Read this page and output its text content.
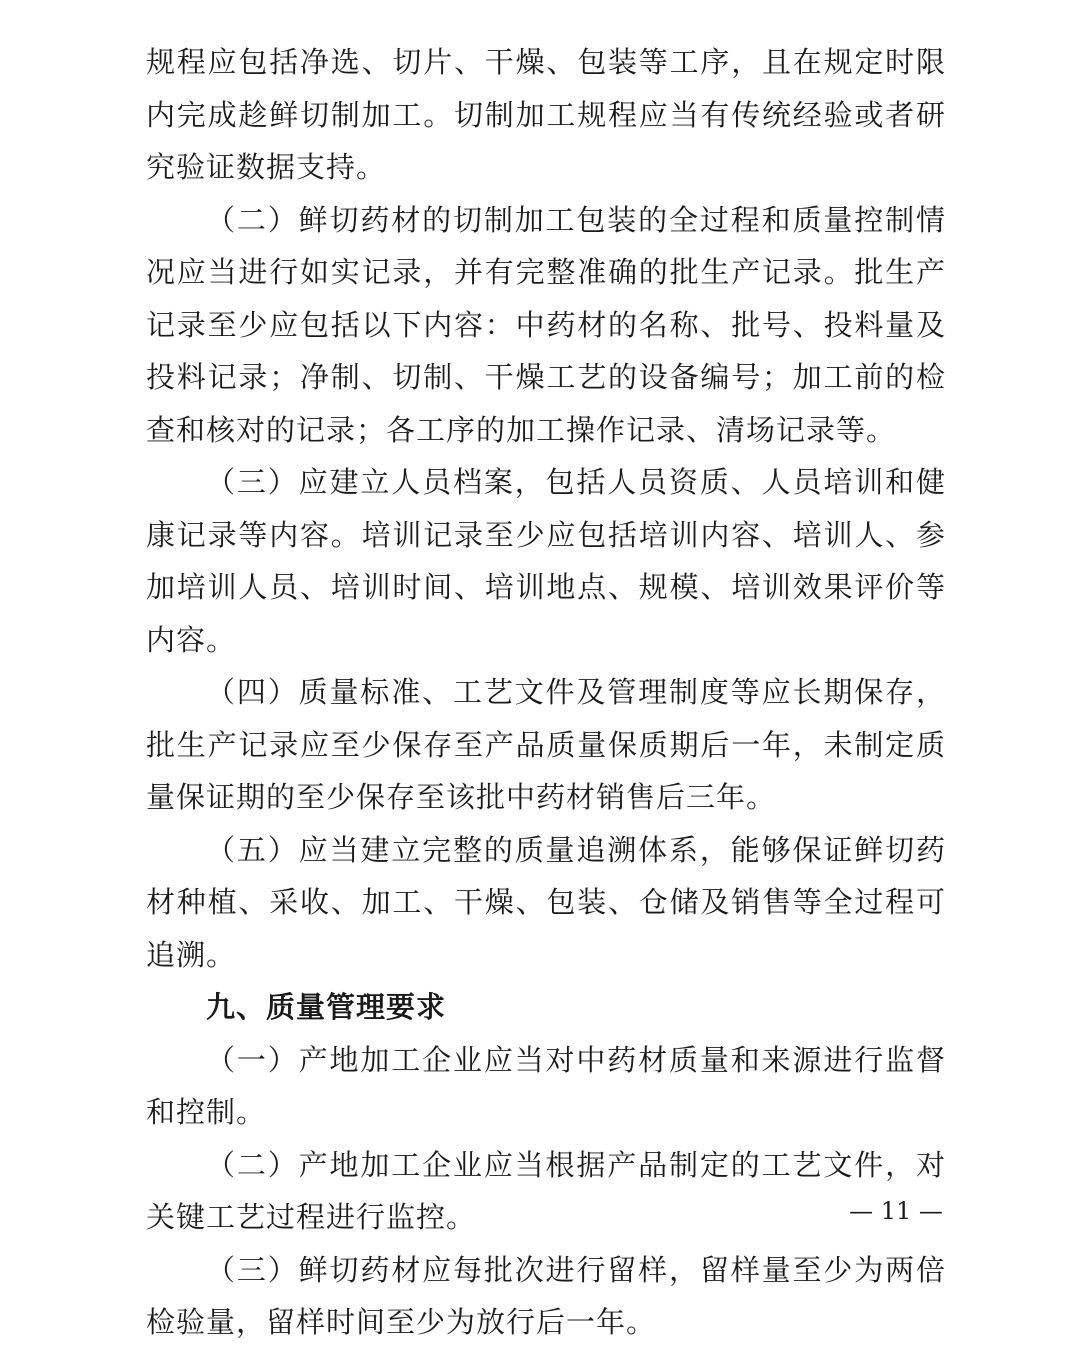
规程应包括净选、切片、干燥、包装等工序，且在规定时限内完成趁鲜切制加工。切制加工规程应当有传统经验或者研究验证数据支持。

（二）鲜切药材的切制加工包装的全过程和质量控制情况应当进行如实记录，并有完整准确的批生产记录。批生产记录至少应包括以下内容：中药材的名称、批号、投料量及投料记录；净制、切制、干燥工艺的设备编号；加工前的检查和核对的记录；各工序的加工操作记录、清场记录等。

（三）应建立人员档案，包括人员资质、人员培训和健康记录等内容。培训记录至少应包括培训内容、培训人、参加培训人员、培训时间、培训地点、规模、培训效果评价等内容。

（四）质量标准、工艺文件及管理制度等应长期保存，批生产记录应至少保存至产品质量保质期后一年，未制定质量保证期的至少保存至该批中药材销售后三年。

（五）应当建立完整的质量追溯体系，能够保证鲜切药材种植、采收、加工、干燥、包装、仓储及销售等全过程可追溯。

九、质量管理要求

（一）产地加工企业应当对中药材质量和来源进行监督和控制。

（二）产地加工企业应当根据产品制定的工艺文件，对关键工艺过程进行监控。

（三）鲜切药材应每批次进行留样，留样量至少为两倍检验量，留样时间至少为放行后一年。

— 11 —
